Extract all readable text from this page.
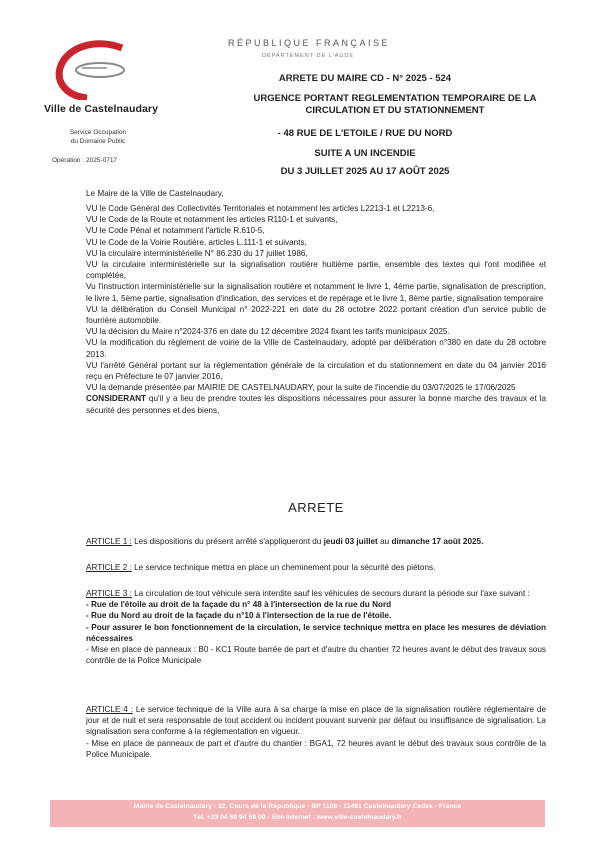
Ville de Castelnaudary
Service Occupation
du Domaine Public
Opération : 2025-0717
RÉPUBLIQUE FRANÇAISE
DÉPARTEMENT DE L'AUDE
ARRETE DU MAIRE CD - N° 2025 - 524
URGENCE PORTANT REGLEMENTATION TEMPORAIRE DE LA CIRCULATION ET DU STATIONNEMENT
- 48 RUE DE L'ETOILE / RUE DU NORD
SUITE A UN INCENDIE
DU 3 JUILLET 2025 AU 17 AOÛT 2025
Le Maire de la Ville de Castelnaudary,

VU le Code Général des Collectivités Territoriales et notamment les articles L2213-1 et L2213-6,

VU le Code de la Route et notamment les articles R110-1 et suivants,

VU le Code Pénal et notamment l'article R.610-5,

VU le Code de la Voirie Routière, articles L.111-1 et suivants,

VU la circulaire interministérielle N° 86.230 du 17 juillet 1986,

VU la circulaire interministérielle sur la signalisation routière huitième partie, ensemble des textes qui l'ont modifiée et complétée,

Vu l'instruction interministérielle sur la signalisation routière et notamment le livre 1, 4ème partie, signalisation de prescription, le livre 1, 5ème partie, signalisation d'indication, des services et de repérage et le livre 1, 8ème partie, signalisation temporaire

VU la délibération du Conseil Municipal n° 2022-221 en date du 28 octobre 2022 portant création d'un service public de fourrière automobile.

VU la décision du Maire n°2024-376 en date du 12 décembre 2024 fixant les tarifs municipaux 2025.

VU la modification du règlement de voirie de la Ville de Castelnaudary, adopté par délibération n°380 en date du 28 octobre 2013.

VU l'arrêté Général portant sur la réglementation générale de la circulation et du stationnement en date du 04 janvier 2016 reçu en Préfecture le 07 janvier 2016,

VU la demande présentée par MAIRIE DE CASTELNAUDARY, pour la suite de l'incendie du 03/07/2025 le 17/06/2025

CONSIDERANT qu'il y a lieu de prendre toutes les dispositions nécessaires pour assurer la bonne marche des travaux et la sécurité des personnes et des biens,

ARRETE

ARTICLE 1 : Les dispositions du présent arrêté s'appliqueront du jeudi 03 juillet au dimanche 17 août 2025.

ARTICLE 2 : Le service technique mettra en place un cheminement pour la sécurité des piétons.

ARTICLE 3 : La circulation de tout véhicule sera interdite sauf les véhicules de secours durant la période sur l'axe suivant :

- Rue de l'étoile au droit de la façade du n° 48 à l'intersection de la rue du Nord

- Rue du Nord au droit de la façade du n°10 à l'intersection de la rue de l'étoile.

- Pour assurer le bon fonctionnement de la circulation, le service technique mettra en place les mesures de déviation nécessaires

- Mise en place de panneaux : B0 - KC1 Route barrée de part et d'autre du chantier 72 heures avant le début des travaux sous contrôle de la Police Municipale

ARTICLE 4 : Le service technique de la Ville aura à sa charge la mise en place de la signalisation routière réglementaire de jour et de nuit et sera responsable de tout accident ou incident pouvant survenir par défaut ou insuffisance de signalisation. La signalisation sera conforme à la réglementation en vigueur.

- Mise en place de panneaux de part et d'autre du chantier : BGA1, 72 heures avant le début des travaux sous contrôle de la Police Municipale.

Mairie de Castelnaudary - 22, Cours de la République - BP 1108 - 11491 Castelnaudary Cedex - France
Tél. +33 04 68 94 58 00 - Site internet : www.ville-castelnaudary.fr
